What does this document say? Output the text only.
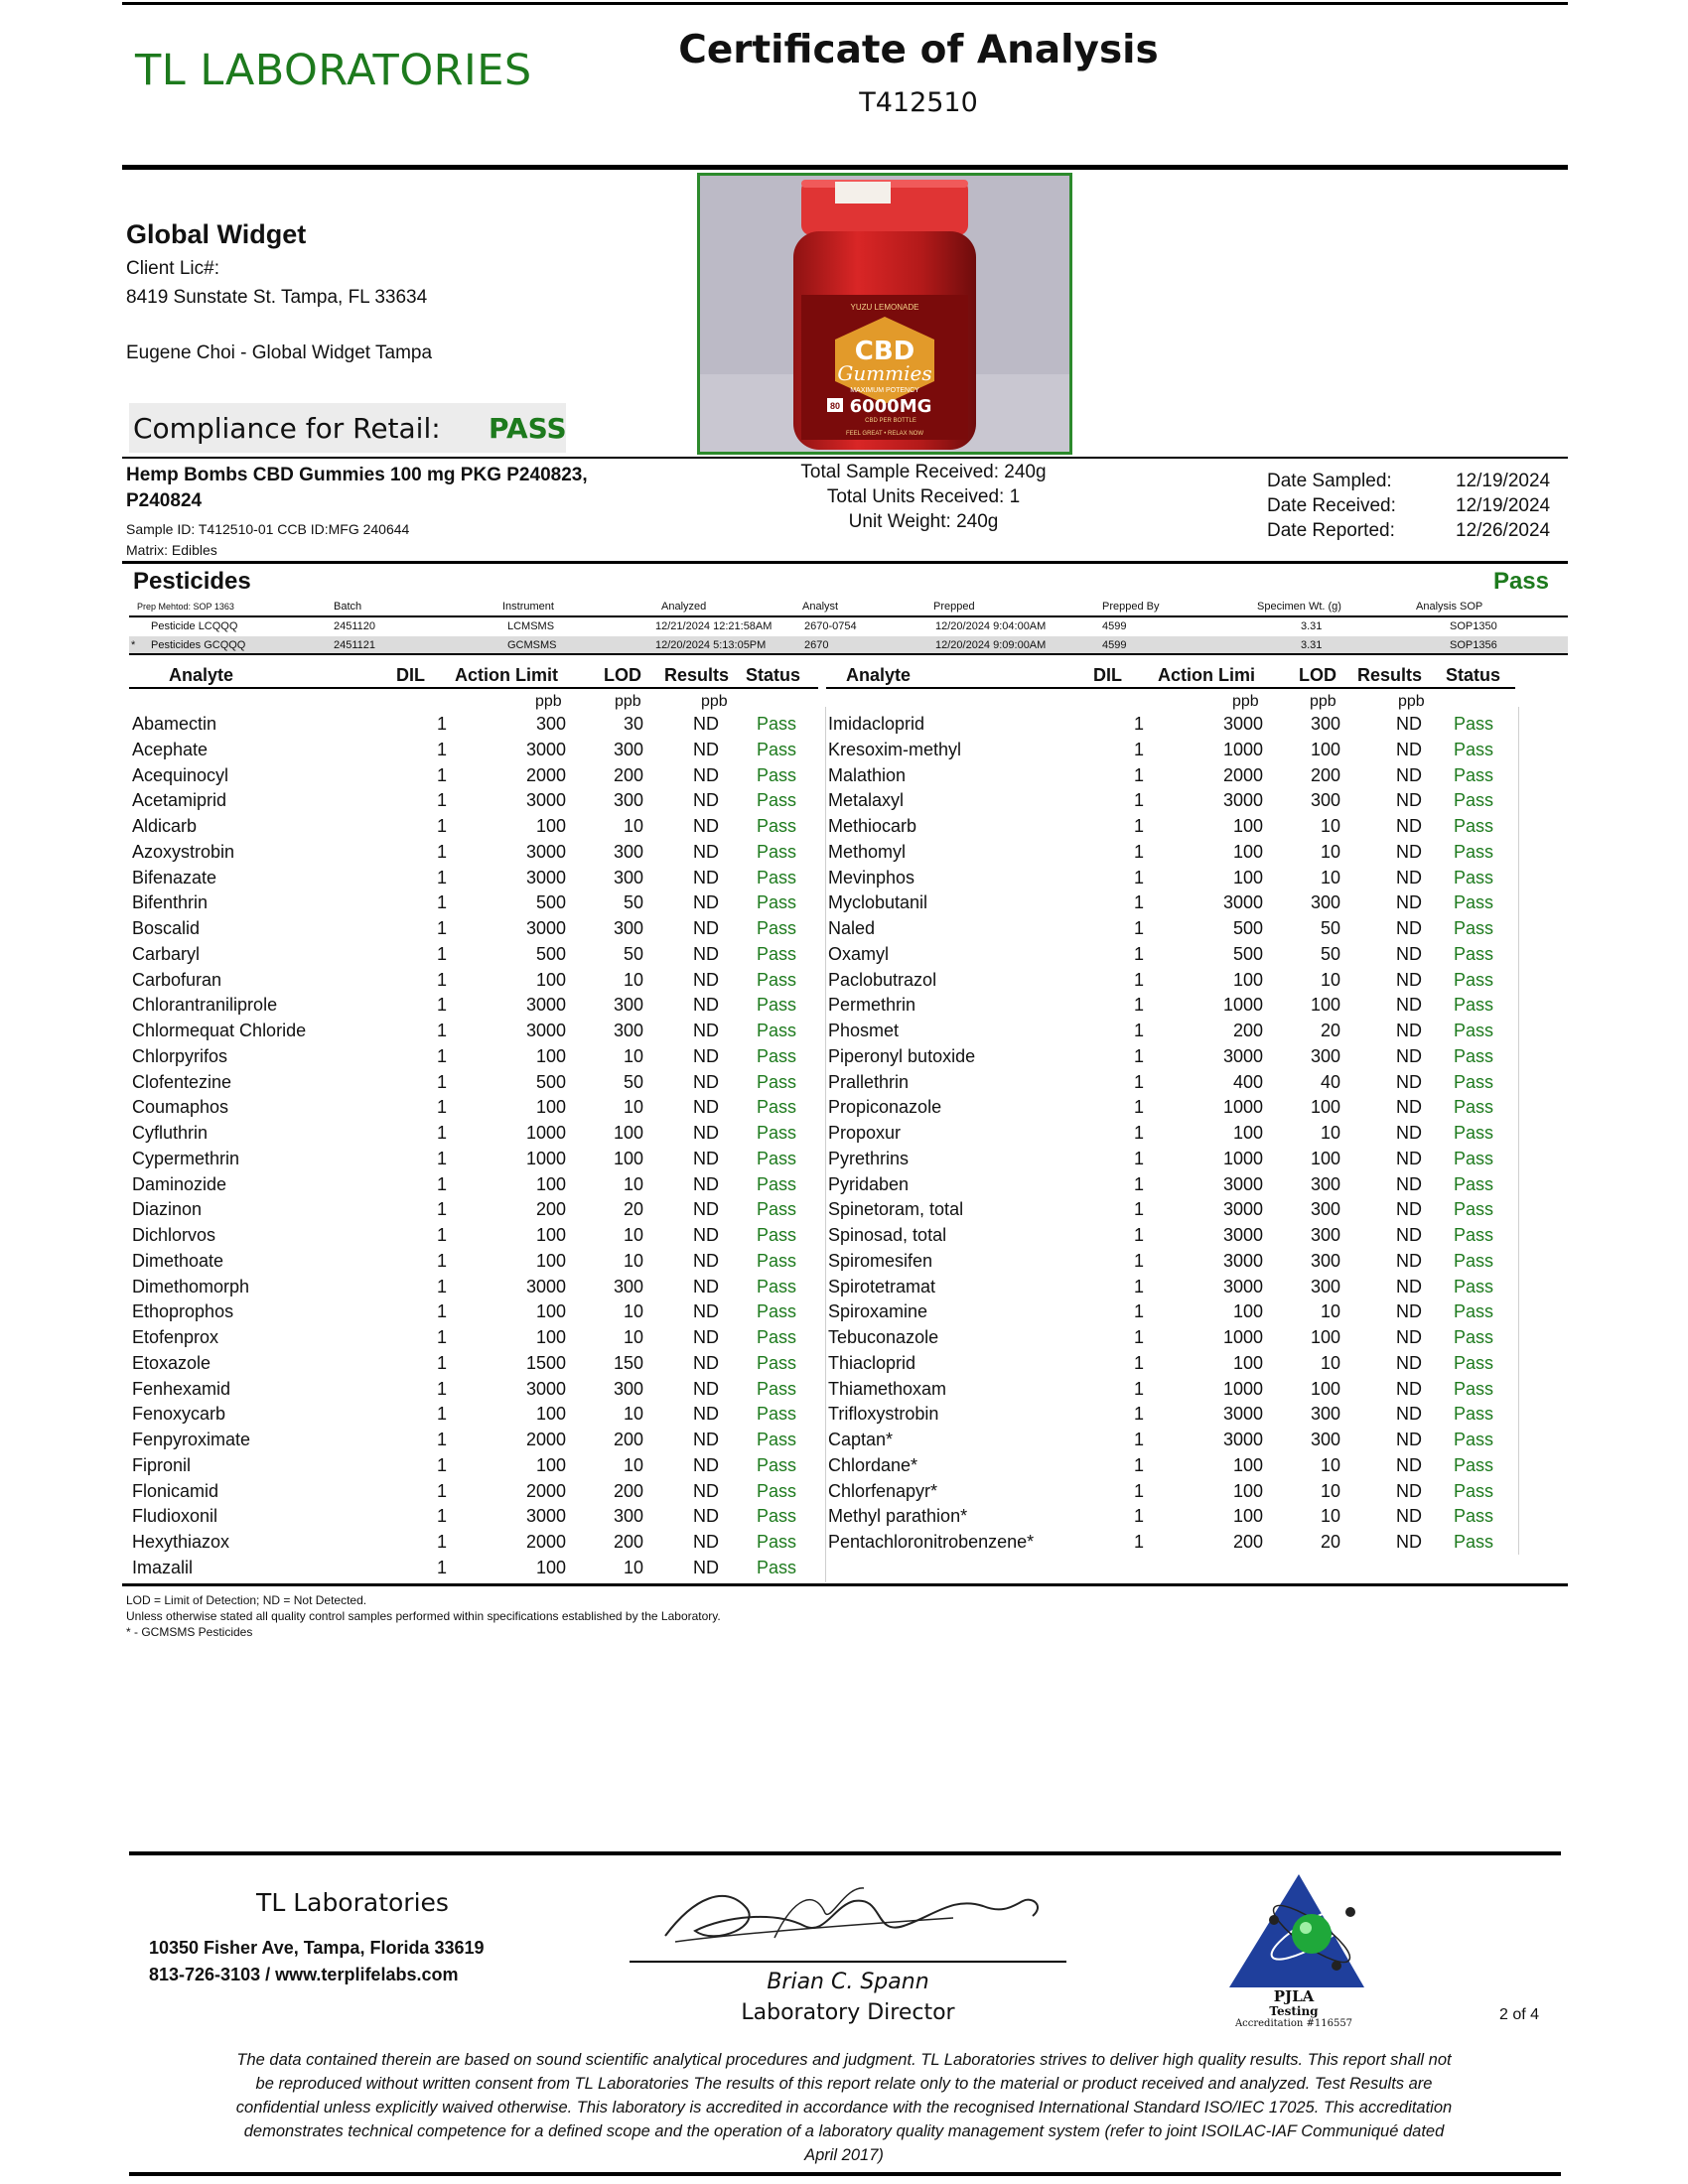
TL LABORATORIES	Certificate of Analysis
T412510
Global Widget
Client Lic#:
8419 Sunstate St. Tampa, FL 33634
Eugene Choi - Global Widget Tampa
YUZU LEMONADE
CBD
Gummies
MAXIMUM POTENCY
80 6000MG
CBD PER BOTTLE
FEEL GREAT • RELAX NOW
Compliance for Retail: PASS
Hemp Bombs CBD Gummies 100 mg PKG P240823, P240824
Sample ID: T412510-01 CCB ID:MFG 240644
Matrix: Edibles
Total Sample Received: 240g
Total Units Received: 1
Unit Weight: 240g
Date Sampled:	12/19/2024
Date Received:	12/19/2024
Date Reported:	12/26/2024
Pesticides	Pass
Prep Mehtod: SOP 1363	Batch	Instrument	Analyzed	Analyst	Prepped	Prepped By	Specimen Wt. (g)	Analysis SOP
Pesticide LCQQQ	2451120	LCMSMS	12/21/2024 12:21:58AM	2670-0754	12/20/2024 9:04:00AM	4599	3.31	SOP1350
* Pesticides GCQQQ	2451121	GCMSMS	12/20/2024 5:13:05PM	2670	12/20/2024 9:09:00AM	4599	3.31	SOP1356
Analyte	DIL Action Limit	LOD Results Status	Analyte	DIL Action Limi LOD Results Status
ppb	ppb	ppb	ppb	ppb	ppb
Abamectin	1	300	30	ND Pass
Acephate	1	3000	300	ND Pass
Acequinocyl	1	2000	200	ND Pass
Acetamiprid	1	3000	300	ND Pass
Aldicarb	1	100	10	ND Pass
Azoxystrobin	1	3000	300	ND Pass
Bifenazate	1	3000	300	ND Pass
Bifenthrin	1	500	50	ND Pass
Boscalid	1	3000	300	ND Pass
Carbaryl	1	500	50	ND Pass
Carbofuran	1	100	10	ND Pass
Chlorantraniliprole	1	3000	300	ND Pass
Chlormequat Chloride	1	3000	300	ND Pass
Chlorpyrifos	1	100	10	ND Pass
Clofentezine	1	500	50	ND Pass
Coumaphos	1	100	10	ND Pass
Cyfluthrin	1	1000	100	ND Pass
Cypermethrin	1	1000	100	ND Pass
Daminozide	1	100	10	ND Pass
Diazinon	1	200	20	ND Pass
Dichlorvos	1	100	10	ND Pass
Dimethoate	1	100	10	ND Pass
Dimethomorph	1	3000	300	ND Pass
Ethoprophos	1	100	10	ND Pass
Etofenprox	1	100	10	ND Pass
Etoxazole	1	1500	150	ND Pass
Fenhexamid	1	3000	300	ND Pass
Fenoxycarb	1	100	10	ND Pass
Fenpyroximate	1	2000	200	ND Pass
Fipronil	1	100	10	ND Pass
Flonicamid	1	2000	200	ND Pass
Fludioxonil	1	3000	300	ND Pass
Hexythiazox	1	2000	200	ND Pass
Imazalil	1	100	10	ND Pass
Imidacloprid	1	3000	300	ND Pass
Kresoxim-methyl	1	1000	100	ND Pass
Malathion	1	2000	200	ND Pass
Metalaxyl	1	3000	300	ND Pass
Methiocarb	1	100	10	ND Pass
Methomyl	1	100	10	ND Pass
Mevinphos	1	100	10	ND Pass
Myclobutanil	1	3000	300	ND Pass
Naled	1	500	50	ND Pass
Oxamyl	1	500	50	ND Pass
Paclobutrazol	1	100	10	ND Pass
Permethrin	1	1000	100	ND Pass
Phosmet	1	200	20	ND Pass
Piperonyl butoxide	1	3000	300	ND Pass
Prallethrin	1	400	40	ND Pass
Propiconazole	1	1000	100	ND Pass
Propoxur	1	100	10	ND Pass
Pyrethrins	1	1000	100	ND Pass
Pyridaben	1	3000	300	ND Pass
Spinetoram, total	1	3000	300	ND Pass
Spinosad, total	1	3000	300	ND Pass
Spiromesifen	1	3000	300	ND Pass
Spirotetramat	1	3000	300	ND Pass
Spiroxamine	1	100	10	ND Pass
Tebuconazole	1	1000	100	ND Pass
Thiacloprid	1	100	10	ND Pass
Thiamethoxam	1	1000	100	ND Pass
Trifloxystrobin	1	3000	300	ND Pass
Captan*	1	3000	300	ND Pass
Chlordane*	1	100	10	ND Pass
Chlorfenapyr*	1	100	10	ND Pass
Methyl parathion*	1	100	10	ND Pass
Pentachloronitrobenzene*	1	200	20	ND Pass
LOD = Limit of Detection; ND = Not Detected.
Unless otherwise stated all quality control samples performed within specifications established by the Laboratory.
* - GCMSMS Pesticides
TL Laboratories
10350 Fisher Ave, Tampa, Florida 33619
813-726-3103 / www.terplifelabs.com	Brian C. Spann
Laboratory Director
PJLA
Testing
Accreditation #116557
2 of 4
The data contained therein are based on sound scientific analytical procedures and judgment. TL Laboratories strives to deliver high quality results. This report shall not be reproduced without written consent from TL Laboratories The results of this report relate only to the material or product received and analyzed. Test Results are confidential unless explicitly waived otherwise. This laboratory is accredited in accordance with the recognised International Standard ISO/IEC 17025. This accreditation demonstrates technical competence for a defined scope and the operation of a laboratory quality management system (refer to joint ISOILAC-IAF Communiqué dated April 2017)
